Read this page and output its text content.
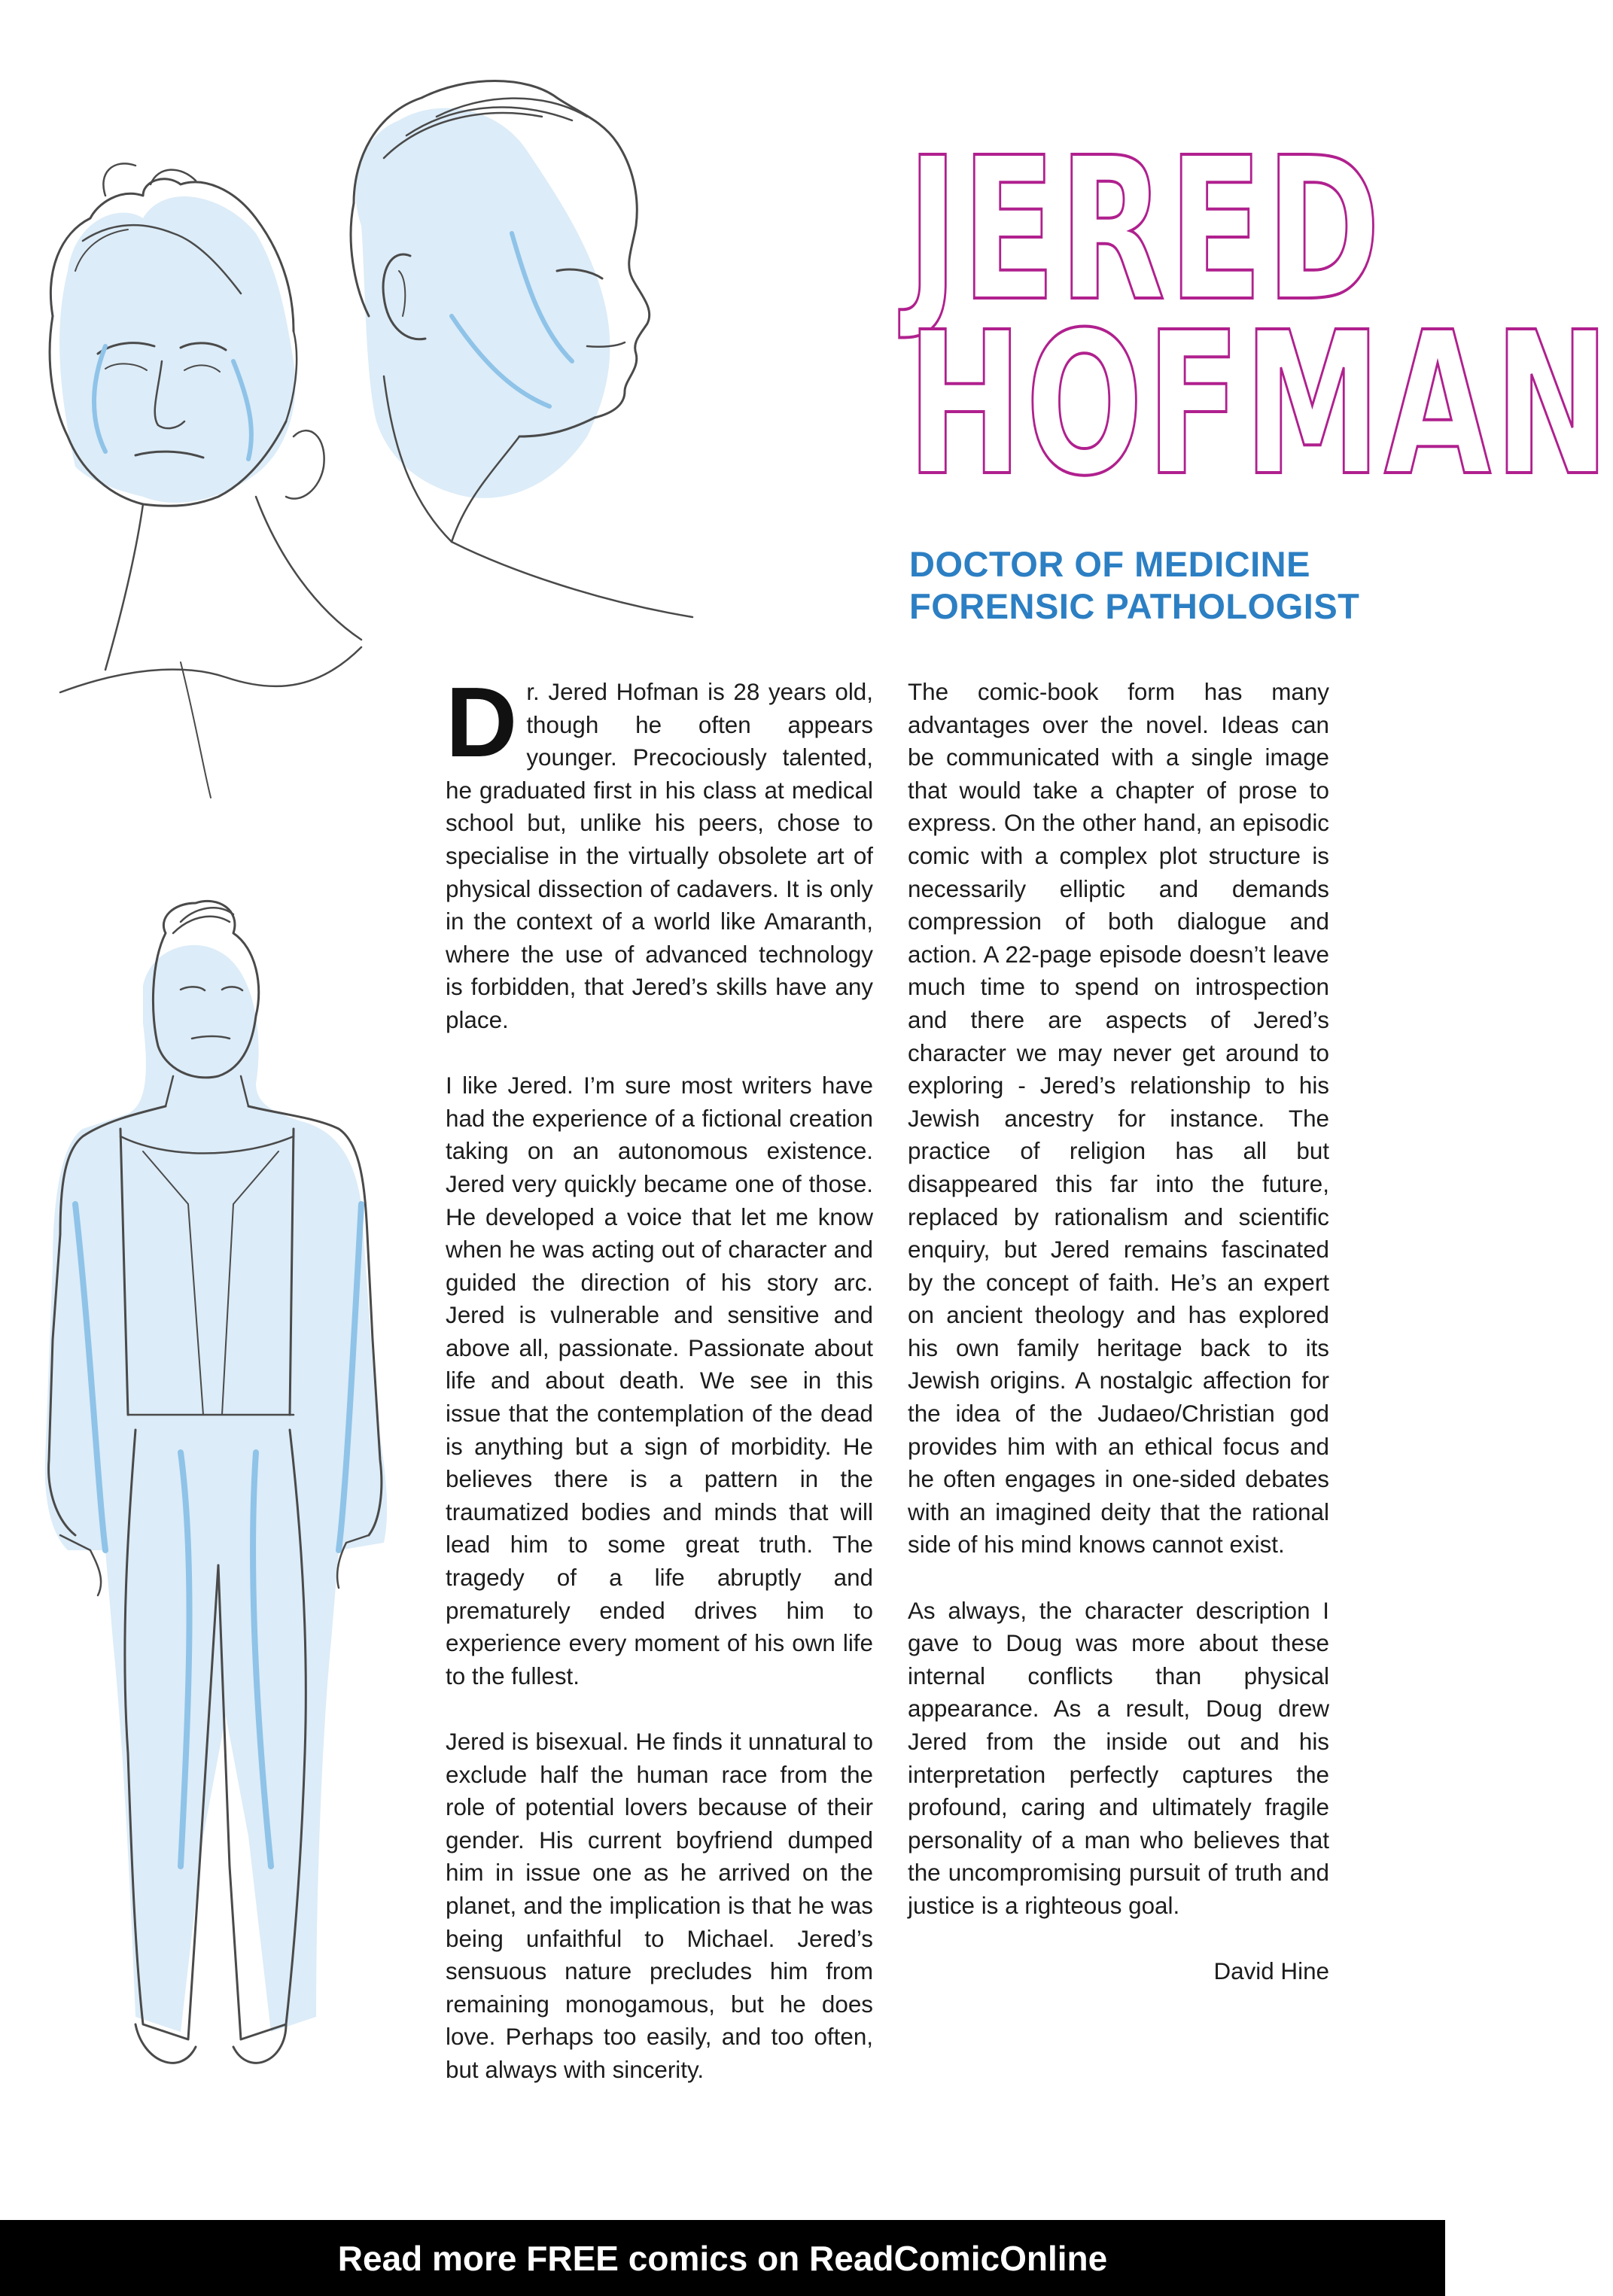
JERED
HOFMAN
DOCTOR OF MEDICINE
FORENSIC PATHOLOGIST

Dr. Jered Hofman is 28 years old, though he often appears younger. Precociously talented, he graduated first in his class at medical school but, unlike his peers, chose to specialise in the virtually obsolete art of physical dissection of cadavers. It is only in the context of a world like Amaranth, where the use of advanced technology is forbidden, that Jered’s skills have any place.

I like Jered. I’m sure most writers have had the experience of a fictional creation taking on an autonomous existence. Jered very quickly became one of those. He developed a voice that let me know when he was acting out of character and guided the direction of his story arc. Jered is vulnerable and sensitive and above all, passionate. Passionate about life and about death. We see in this issue that the contemplation of the dead is anything but a sign of morbidity. He believes there is a pattern in the traumatized bodies and minds that will lead him to some great truth. The tragedy of a life abruptly and prematurely ended drives him to experience every moment of his own life to the fullest.

Jered is bisexual. He finds it unnatural to exclude half the human race from the role of potential lovers because of their gender. His current boyfriend dumped him in issue one as he arrived on the planet, and the implication is that he was being unfaithful to Michael. Jered’s sensuous nature precludes him from remaining monogamous, but he does love. Perhaps too easily, and too often, but always with sincerity.

The comic-book form has many advantages over the novel. Ideas can be communicated with a single image that would take a chapter of prose to express. On the other hand, an episodic comic with a complex plot structure is necessarily elliptic and demands compression of both dialogue and action. A 22-page episode doesn’t leave much time to spend on introspection and there are aspects of Jered’s character we may never get around to exploring - Jered’s relationship to his Jewish ancestry for instance. The practice of religion has all but disappeared this far into the future, replaced by rationalism and scientific enquiry, but Jered remains fascinated by the concept of faith. He’s an expert on ancient theology and has explored his own family heritage back to its Jewish origins. A nostalgic affection for the idea of the Judaeo/Christian god provides him with an ethical focus and he often engages in one-sided debates with an imagined deity that the rational side of his mind knows cannot exist.

As always, the character description I gave to Doug was more about these internal conflicts than physical appearance. As a result, Doug drew Jered from the inside out and his interpretation perfectly captures the profound, caring and ultimately fragile personality of a man who believes that the uncompromising pursuit of truth and justice is a righteous goal.

David Hine

Read more FREE comics on ReadComicOnline
